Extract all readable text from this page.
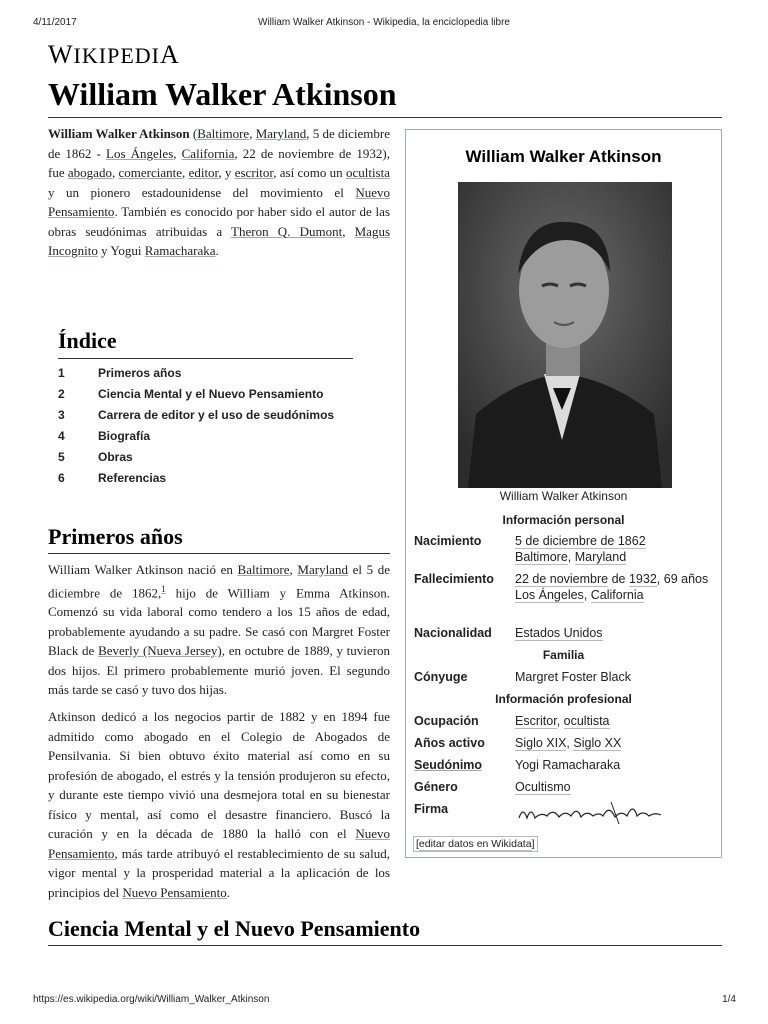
4/11/2017	William Walker Atkinson - Wikipedia, la enciclopedia libre
WIKIPEDIA
William Walker Atkinson

William Walker Atkinson (Baltimore, Maryland, 5 de diciembre de 1862 - Los Ángeles, California, 22 de noviembre de 1932), fue abogado, comerciante, editor, y escritor, así como un ocultista y un pionero estadounidense del movimiento el Nuevo Pensamiento. También es conocido por haber sido el autor de las obras seudónimas atribuidas a Theron Q. Dumont, Magus Incognito y Yogui Ramacharaka.

Índice
1	Primeros años
2	Ciencia Mental y el Nuevo Pensamiento
3	Carrera de editor y el uso de seudónimos
4	Biografía
5	Obras
6	Referencias
Primeros años

William Walker Atkinson nació en Baltimore, Maryland el 5 de diciembre de 1862,$^1$ hijo de William y Emma Atkinson. Comenzó su vida laboral como tendero a los 15 años de edad, probablemente ayudando a su padre. Se casó con Margret Foster Black de Beverly (Nueva Jersey), en octubre de 1889, y tuvieron dos hijos. El primero probablemente murió joven. El segundo más tarde se casó y tuvo dos hijas.

Atkinson dedicó a los negocios partir de 1882 y en 1894 fue admitido como abogado en el Colegio de Abogados de Pensilvania. Si bien obtuvo éxito material así como en su profesión de abogado, el estrés y la tensión produjeron su efecto, y durante este tiempo vivió una desmejora total en su bienestar físico y mental, así como el desastre financiero. Buscó la curación y en la década de 1880 la halló con el Nuevo Pensamiento, más tarde atribuyó el restablecimiento de su salud, vigor mental y la prosperidad material a la aplicación de los principios del Nuevo Pensamiento.

Ciencia Mental y el Nuevo Pensamiento
William Walker Atkinson
William Walker Atkinson
Información personal
Nacimiento	5 de diciembre de 1862
Baltimore, Maryland
Fallecimiento 22 de noviembre de 1932, 69 años
Los Ángeles, California
Nacionalidad Estados Unidos
Familia
Cónyuge	Margret Foster Black
Información profesional
Ocupación	Escritor, ocultista
Años activo Siglo XIX, Siglo XX
Seudónimo	Yogi Ramacharaka
Género	Ocultismo
Firma
[editar datos en Wikidata]
https://es.wikipedia.org/wiki/William_Walker_Atkinson	1/4
